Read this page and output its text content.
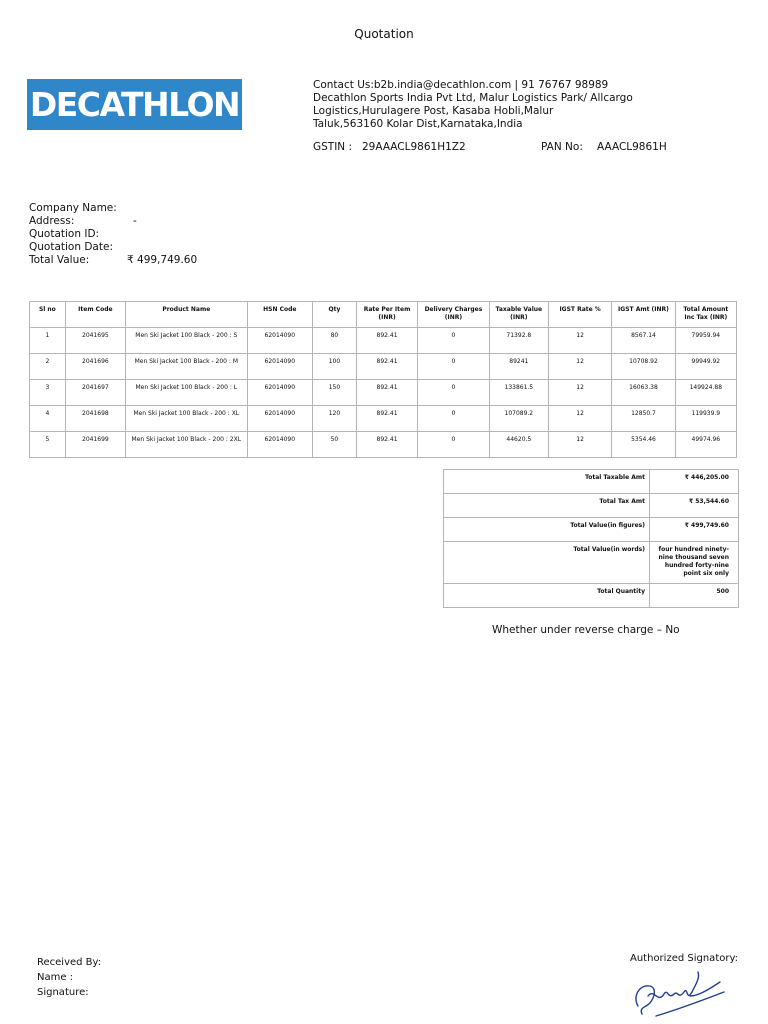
Quotation
DECATHLON	Contact Us:b2b.india@decathlon.com | 91 76767 98989
Decathlon Sports India Pvt Ltd, Malur Logistics Park/ Allcargo
Logistics,Hurulagere Post, Kasaba Hobli,Malur
Taluk,563160 Kolar Dist,Karnataka,India
GSTIN : 29AAACL9861H1Z2	PAN No: AAACL9861H
Company Name:
Address:	-
Quotation ID:
Quotation Date:
Total Value:	₹ 499,749.60
Sl no	Item Code	Product Name	HSN Code	Qty	Rate Per Item (INR)	Delivery Charges (INR)	Taxable Value (INR)	IGST Rate %	IGST Amt (INR)	Total Amount Inc Tax (INR)
1	2041695	Men Ski Jacket 100 Black - 200 : S	62014090	80	892.41	0	71392.8	12	8567.14	79959.94
2	2041696	Men Ski Jacket 100 Black - 200 : M	62014090	100	892.41	0	89241	12	10708.92	99949.92
3	2041697	Men Ski Jacket 100 Black - 200 : L	62014090	150	892.41	0	133861.5	12	16063.38	149924.88
4	2041698	Men Ski Jacket 100 Black - 200 : XL	62014090	120	892.41	0	107089.2	12	12850.7	119939.9
5	2041699	Men Ski Jacket 100 Black - 200 : 2XL	62014090	50	892.41	0	44620.5	12	5354.46	49974.96
Total Taxable Amt	₹ 446,205.00
Total Tax Amt	₹ 53,544.60
Total Value(in figures)	₹ 499,749.60
Total Value(in words)	four hundred ninety-nine thousand seven hundred forty-nine point six only
Total Quantity	500
Whether under reverse charge – No
Received By:
Name :
Signature:
Authorized Signatory:
